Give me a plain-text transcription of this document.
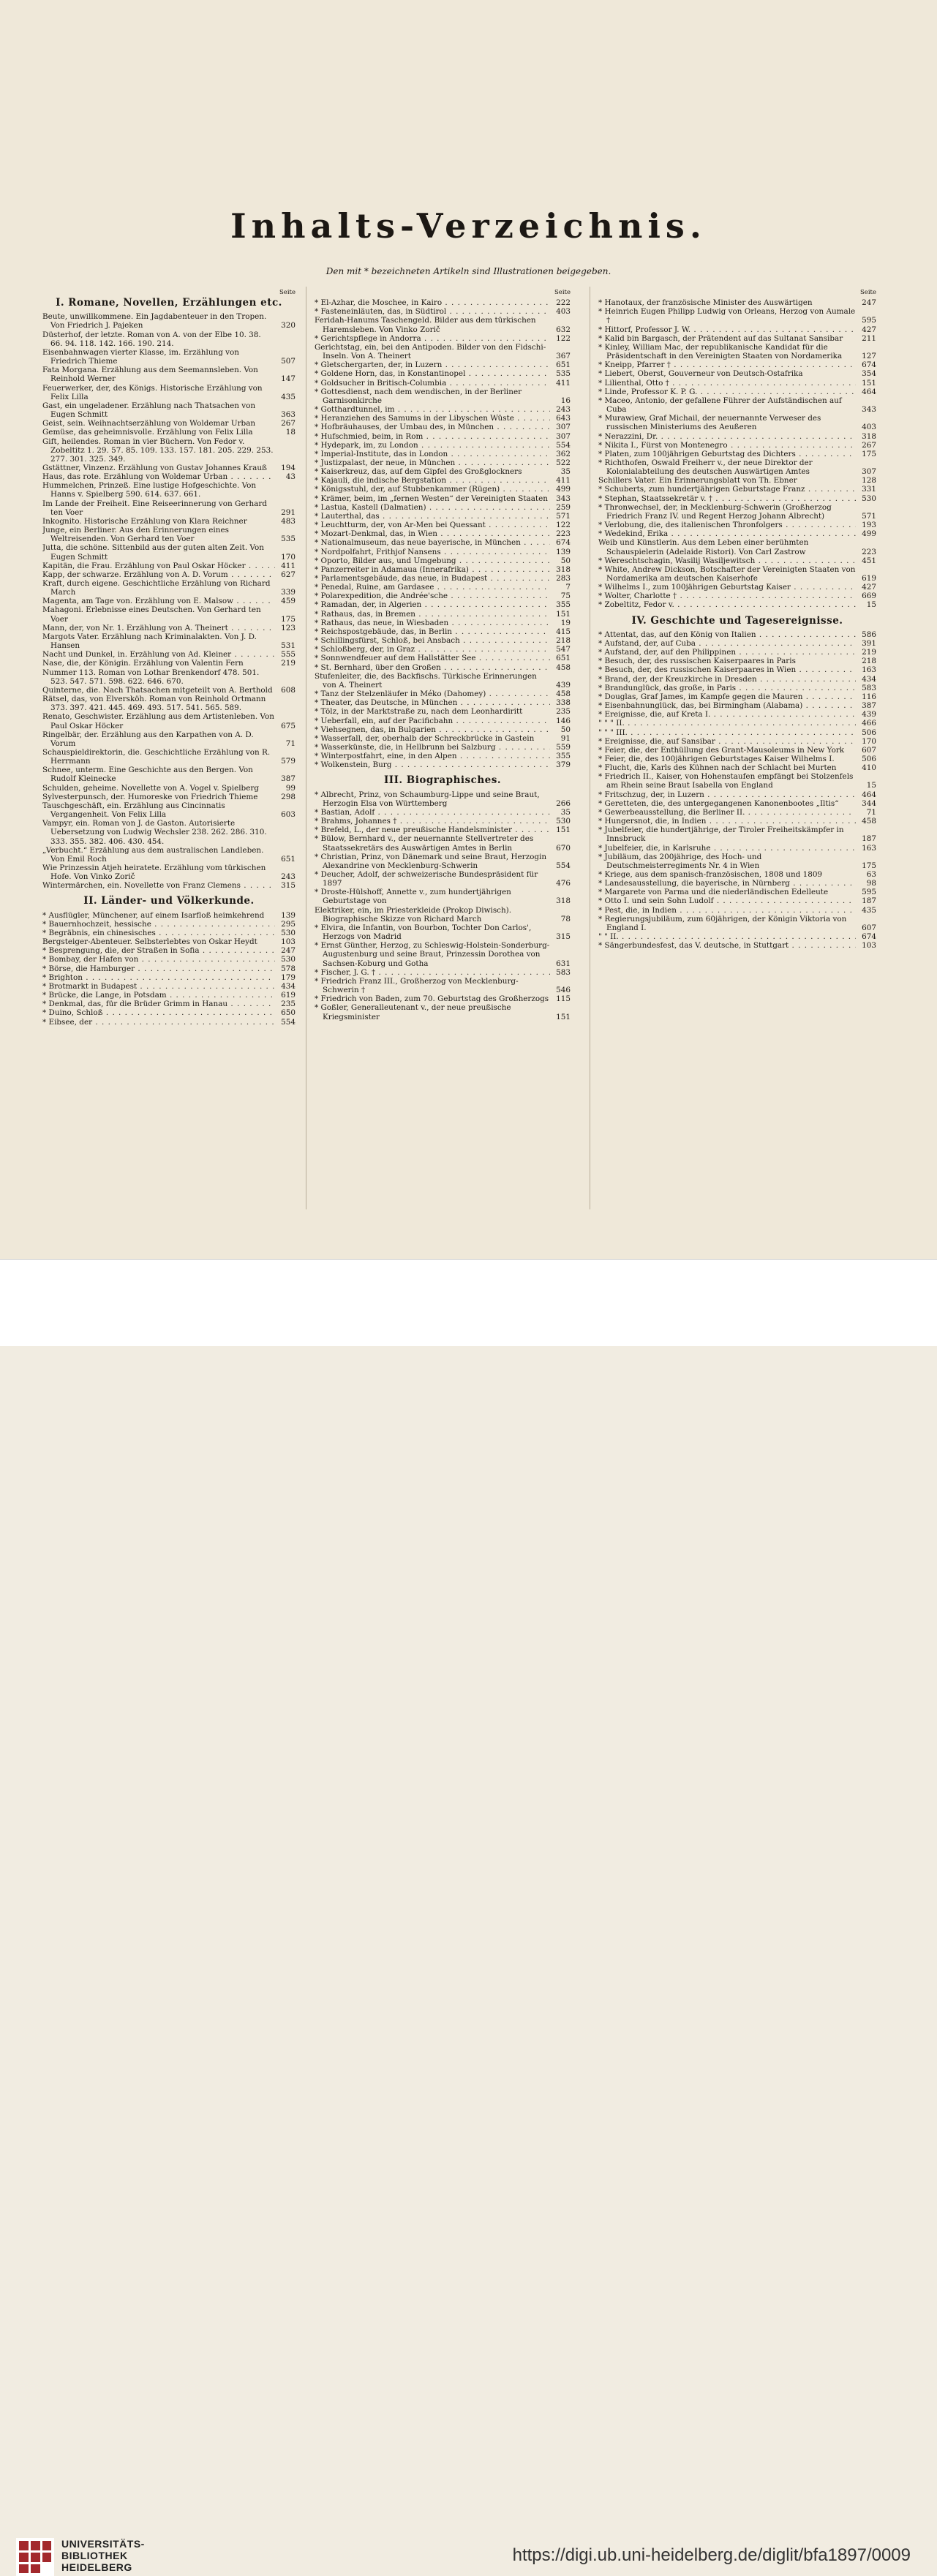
Inhalts-Verzeichnis.
Den mit * bezeichneten Artikeln sind Illustrationen beigegeben.
Seite
I. Romane, Novellen, Erzählungen etc.
Beute, unwillkommene. Ein Jagdabenteuer in den Tropen. Von Friedrich J. Pajeken	320
Düsterhof, der letzte. Roman von A. von der Elbe 10. 38. 66. 94. 118. 142. 166. 190. 214.
Eisenbahnwagen vierter Klasse, im. Erzählung von Friedrich Thieme	507
Fata Morgana. Erzählung aus dem Seemannsleben. Von Reinhold Werner	147
Feuerwerker, der, des Königs. Historische Erzählung von Felix Lilla	435
Gast, ein ungeladener. Erzählung nach Thatsachen von Eugen Schmitt	363
Geist, sein. Weihnachtserzählung von Woldemar Urban	267
Gemüse, das geheimnisvolle. Erzählung von Felix Lilla	18
Gift, heilendes. Roman in vier Büchern. Von Fedor v. Zobeltitz 1. 29. 57. 85. 109. 133. 157. 181. 205. 229. 253. 277. 301. 325. 349.
Gstättner, Vinzenz. Erzählung von Gustav Johannes Krauß	194
Haus, das rote. Erzählung von Woldemar Urban . . .	43
Hummelchen, Prinzeß. Eine lustige Hofgeschichte. Von Hanns v. Spielberg 590. 614. 637. 661.
Im Lande der Freiheit. Eine Reiseerinnerung von Gerhard ten Voer	291
Inkognito. Historische Erzählung von Klara Reichner	483
Junge, ein Berliner. Aus den Erinnerungen eines Weltreisenden. Von Gerhard ten Voer	535
Jutta, die schöne. Sittenbild aus der guten alten Zeit. Von Eugen Schmitt	170
Kapitän, die Frau. Erzählung von Paul Oskar Höcker . . .	411
Kapp, der schwarze. Erzählung von A. D. Vorum . . .	627
Kraft, durch eigene. Geschichtliche Erzählung von Richard March	339
Magenta, am Tage von. Erzählung von E. Malsow . . .	459
Mahagoni. Erlebnisse eines Deutschen. Von Gerhard ten Voer	175
Mann, der, von Nr. 1. Erzählung von A. Theinert . . .	123
Margots Vater. Erzählung nach Kriminalakten. Von J. D. Hansen	531
Nacht und Dunkel, in. Erzählung von Ad. Kleiner . . .	555
Nase, die, der Königin. Erzählung von Valentin Fern	219
Nummer 113. Roman von Lothar Brenkendorf 478. 501. 523. 547. 571. 598. 622. 646. 670.
Quinterne, die. Nach Thatsachen mitgeteilt von A. Berthold	608
Rätsel, das, von Elversköh. Roman von Reinhold Ortmann 373. 397. 421. 445. 469. 493. 517. 541. 565. 589.
Renato, Geschwister. Erzählung aus dem Artistenleben. Von Paul Oskar Höcker	675
Ringelbär, der. Erzählung aus den Karpathen von A. D. Vorum	71
Schauspieldirektorin, die. Geschichtliche Erzählung von R. Herrmann	579
Schnee, unterm. Eine Geschichte aus den Bergen. Von Rudolf Kleinecke	387
Schulden, geheime. Novellette von A. Vogel v. Spielberg	99
Sylvesterpunsch, der. Humoreske von Friedrich Thieme	298
Tauschgeschäft, ein. Erzählung aus Cincinnatis Vergangenheit. Von Felix Lilla	603
Vampyr, ein. Roman von J. de Gaston. Autorisierte Uebersetzung von Ludwig Wechsler 238. 262. 286. 310. 333. 355. 382. 406. 430. 454.
„Verbucht.“ Erzählung aus dem australischen Landleben. Von Emil Roch	651
Wie Prinzessin Atjeh heiratete. Erzählung vom türkischen Hofe. Von Vinko Zorič	243
Wintermärchen, ein. Novellette von Franz Clemens . . .	315
II. Länder- und Völkerkunde.
* Ausflügler, Münchener, auf einem Isarfloß heimkehrend	139
* Bauernhochzeit, hessische . . .	295
* Begräbnis, ein chinesisches . . .	530
Bergsteiger-Abenteuer. Selbsterlebtes von Oskar Heydt	103
* Besprengung, die, der Straßen in Sofia . . .	247
* Bombay, der Hafen von . . .	530
* Börse, die Hamburger . . .	578
* Brighton . . .	179
* Brotmarkt in Budapest . . .	434
* Brücke, die Lange, in Potsdam . . .	619
* Denkmal, das, für die Brüder Grimm in Hanau . . .	235
* Duino, Schloß . . .	650
* Eibsee, der . . .	554
Seite
* El-Azhar, die Moschee, in Kairo . . .	222
* Fasteneinläuten, das, in Südtirol . . .	403
Feridah-Hanums Taschengeld. Bilder aus dem türkischen Haremsleben. Von Vinko Zorič	632
* Gerichtspflege in Andorra . . .	122
Gerichtstag, ein, bei den Antipoden. Bilder von den Fidschi-Inseln. Von A. Theinert	367
* Gletschergarten, der, in Luzern . . .	651
* Goldene Horn, das, in Konstantinopel . . .	535
* Goldsucher in Britisch-Columbia . . .	411
* Gottesdienst, nach dem wendischen, in der Berliner Garnisonkirche	16
* Gotthardtunnel, im . . .	243
* Heranziehen des Samums in der Libyschen Wüste . . .	643
* Hofbräuhauses, der Umbau des, in München . . .	307
* Hufschmied, beim, in Rom . . .	307
* Hydepark, im, zu London . . .	554
* Imperial-Institute, das in London . . .	362
* Justizpalast, der neue, in München . . .	522
* Kaiserkreuz, das, auf dem Gipfel des Großglockners	35
* Kajauli, die indische Bergstation . . .	411
* Königsstuhl, der, auf Stubbenkammer (Rügen) . . .	499
* Krämer, beim, im „fernen Westen“ der Vereinigten Staaten	343
* Lastua, Kastell (Dalmatien) . . .	259
* Lauterthal, das . . .	571
* Leuchtturm, der, von Ar-Men bei Quessant . . .	122
* Mozart-Denkmal, das, in Wien . . .	223
* Nationalmuseum, das neue bayerische, in München . . .	674
* Nordpolfahrt, Frithjof Nansens . . .	139
* Oporto, Bilder aus, und Umgebung . . .	50
* Panzerreiter in Adamaua (Innerafrika) . . .	318
* Parlamentsgebäude, das neue, in Budapest . . .	283
* Penedal, Ruine, am Gardasee . . .	7
* Polarexpedition, die Andrée'sche . . .	75
* Ramadan, der, in Algerien . . .	355
* Rathaus, das, in Bremen . . .	151
* Rathaus, das neue, in Wiesbaden . . .	19
* Reichspostgebäude, das, in Berlin . . .	415
* Schillingsfürst, Schloß, bei Ansbach . . .	218
* Schloßberg, der, in Graz . . .	547
* Sonnwendfeuer auf dem Hallstätter See . . .	651
* St. Bernhard, über den Großen . . .	458
Stufenleiter, die, des Backfischs. Türkische Erinnerungen von A. Theinert	439
* Tanz der Stelzenläufer in Méko (Dahomey) . . .	458
* Theater, das Deutsche, in München . . .	338
* Tölz, in der Marktstraße zu, nach dem Leonhardiritt	235
* Ueberfall, ein, auf der Pacificbahn . . .	146
* Viehsegnen, das, in Bulgarien . . .	50
* Wasserfall, der, oberhalb der Schreckbrücke in Gastein	91
* Wasserkünste, die, in Hellbrunn bei Salzburg . . .	559
* Winterpostfahrt, eine, in den Alpen . . .	355
* Wolkenstein, Burg . . .	379
III. Biographisches.
* Albrecht, Prinz, von Schaumburg-Lippe und seine Braut, Herzogin Elsa von Württemberg	266
* Bastian, Adolf . . .	35
* Brahms, Johannes † . . .	530
* Brefeld, L., der neue preußische Handelsminister . . .	151
* Bülow, Bernhard v., der neuernannte Stellvertreter des Staatssekretärs des Auswärtigen Amtes in Berlin	670
* Christian, Prinz, von Dänemark und seine Braut, Herzogin Alexandrine von Mecklenburg-Schwerin	554
* Deucher, Adolf, der schweizerische Bundespräsident für 1897	476
* Droste-Hülshoff, Annette v., zum hundertjährigen Geburtstage von	318
Elektriker, ein, im Priesterkleide (Prokop Diwisch). Biographische Skizze von Richard March	78
* Elvira, die Infantin, von Bourbon, Tochter Don Carlos', Herzogs von Madrid	315
* Ernst Günther, Herzog, zu Schleswig-Holstein-Sonderburg-Augustenburg und seine Braut, Prinzessin Dorothea von Sachsen-Koburg und Gotha	631
* Fischer, J. G. † . . .	583
* Friedrich Franz III., Großherzog von Mecklenburg-Schwerin †	546
* Friedrich von Baden, zum 70. Geburtstag des Großherzogs 115
* Goßler, Generalleutenant v., der neue preußische Kriegsminister	151
Seite
* Hanotaux, der französische Minister des Auswärtigen	247
* Heinrich Eugen Philipp Ludwig von Orleans, Herzog von Aumale †	595
* Hittorf, Professor J. W. . . .	427
* Kalid bin Bargasch, der Prätendent auf das Sultanat Sansibar	211
* Kinley, William Mac, der republikanische Kandidat für die Präsidentschaft in den Vereinigten Staaten von Nordamerika	127
* Kneipp, Pfarrer † . . .	674
* Liebert, Oberst, Gouverneur von Deutsch-Ostafrika	354
* Lilienthal, Otto † . . .	151
* Linde, Professor K. P. G. . . .	464
* Maceo, Antonio, der gefallene Führer der Aufständischen auf Cuba	343
* Murawiew, Graf Michail, der neuernannte Verweser des russischen Ministeriums des Aeußeren	403
* Nerazzini, Dr. . . .	318
* Nikita I., Fürst von Montenegro . . .	267
* Platen, zum 100jährigen Geburtstag des Dichters . . .	175
* Richthofen, Oswald Freiherr v., der neue Direktor der Kolonialabteilung des deutschen Auswärtigen Amtes	307
Schillers Vater. Ein Erinnerungsblatt von Th. Ebner	128
* Schuberts, zum hundertjährigen Geburtstage Franz . . .	331
* Stephan, Staatssekretär v. † . . .	530
* Thronwechsel, der, in Mecklenburg-Schwerin (Großherzog Friedrich Franz IV. und Regent Herzog Johann Albrecht)	571
* Verlobung, die, des italienischen Thronfolgers . . .	193
* Wedekind, Erika . . .	499
Weib und Künstlerin. Aus dem Leben einer berühmten Schauspielerin (Adelaide Ristori). Von Carl Zastrow	223
* Wereschtschagin, Wasilij Wasiljewitsch . . .	451
* White, Andrew Dickson, Botschafter der Vereinigten Staaten von Nordamerika am deutschen Kaiserhofe	619
* Wilhelms I., zum 100jährigen Geburtstag Kaiser . . .	427
* Wolter, Charlotte † . . .	669
* Zobeltitz, Fedor v. . . .	15
IV. Geschichte und Tagesereignisse.
* Attentat, das, auf den König von Italien . . .	586
* Aufstand, der, auf Cuba . . .	391
* Aufstand, der, auf den Philippinen . . .	219
* Besuch, der, des russischen Kaiserpaares in Paris	218
* Besuch, der, des russischen Kaiserpaares in Wien . . .	163
* Brand, der, der Kreuzkirche in Dresden . . .	434
* Brandunglück, das große, in Paris . . .	583
* Douglas, Graf James, im Kampfe gegen die Mauren . . .	116
* Eisenbahnunglück, das, bei Birmingham (Alabama) . . .	387
* Ereignisse, die, auf Kreta I. . . .	439
" " " II. . . .	466
" " " III. . . .	506
* Ereignisse, die, auf Sansibar . . .	170
* Feier, die, der Enthüllung des Grant-Mausoleums in New York	607
* Feier, die, des 100jährigen Geburtstages Kaiser Wilhelms I.	506
* Flucht, die, Karls des Kühnen nach der Schlacht bei Murten	410
* Friedrich II., Kaiser, von Hohenstaufen empfängt bei Stolzenfels am Rhein seine Braut Isabella von England	15
* Fritschzug, der, in Luzern . . .	464
* Geretteten, die, des untergegangenen Kanonenbootes „Iltis“	344
* Gewerbeausstellung, die Berliner II. . . .	71
* Hungersnot, die, in Indien . . .	458
* Jubelfeier, die hundertjährige, der Tiroler Freiheitskämpfer in Innsbruck	187
* Jubelfeier, die, in Karlsruhe . . .	163
* Jubiläum, das 200jährige, des Hoch- und Deutschmeisterregiments Nr. 4 in Wien	175
* Kriege, aus dem spanisch-französischen, 1808 und 1809	63
* Landesausstellung, die bayerische, in Nürnberg . . .	98
* Margarete von Parma und die niederländischen Edelleute	595
* Otto I. und sein Sohn Ludolf . . .	187
* Pest, die, in Indien . . .	435
* Regierungsjubiläum, zum 60jährigen, der Königin Viktoria von England I.	607
" " II. . . .	674
* Sängerbundesfest, das V. deutsche, in Stuttgart . . .	103
UNIVERSITÄTS-
BIBLIOTHEK
HEIDELBERG
https://digi.ub.uni-heidelberg.de/diglit/bfa1897/0009
